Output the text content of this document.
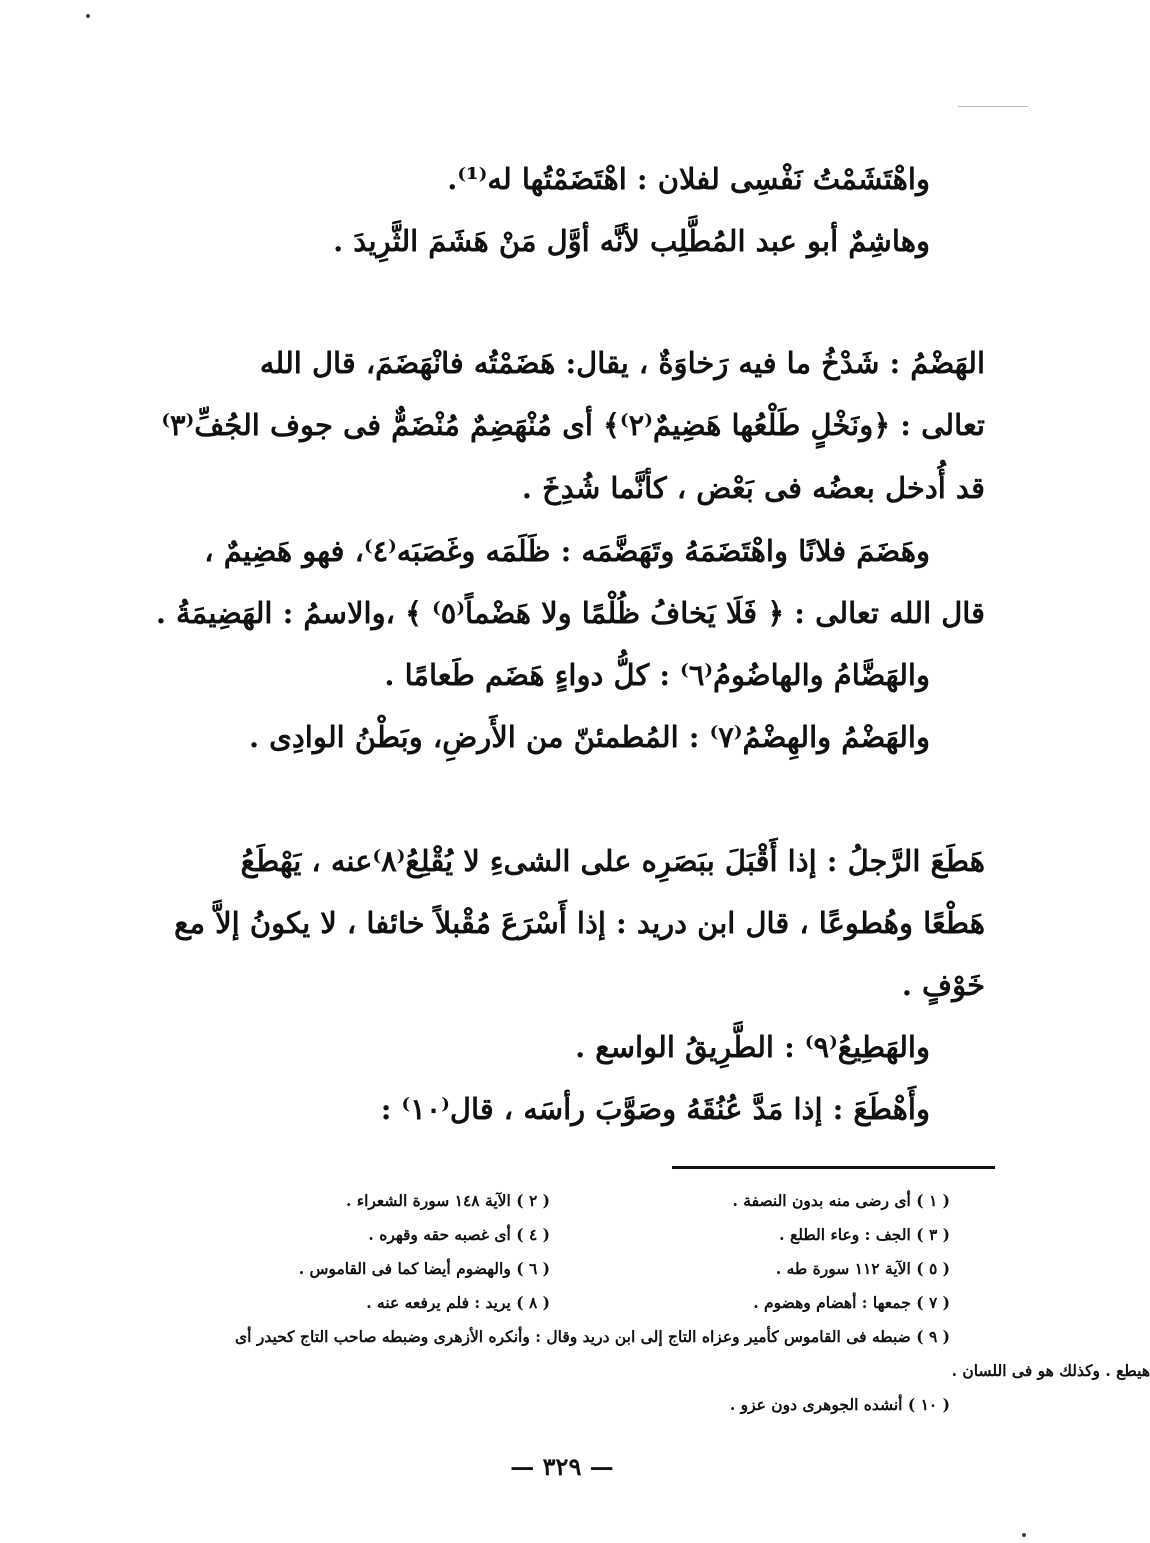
واهْتَشَمْتُ نَفْسِى لفلان : اهْتَضَمْتُها له⁽¹⁾.
وهاشِمٌ أبو عبد المُطَّلِب لأنَّه أوَّل مَنْ هَشَمَ الثَّرِيدَ .
الهَضْمُ : شَدْخُ ما فيه رَخاوَةٌ ، يقال: هَضَمْتُه فانْهَضَمَ، قال الله
تعالى : ﴿ونَخْلٍ طَلْعُها هَضِيمٌ⁽٢⁾﴾ أى مُنْهَضِمٌ مُنْضَمٌّ فى جوف الجُفِّ⁽٣⁾
قد أُدخل بعضُه فى بَعْض ، كأنَّما شُدِخَ .
وهَضَمَ فلانًا واهْتَضَمَهُ وتَهَضَّمَه : ظَلَمَه وغَصَبَه⁽٤⁾، فهو هَضِيمٌ ،
قال الله تعالى : ﴿ فَلَا يَخافُ ظُلْمًا ولا هَضْماً⁽٥⁾ ﴾ ،والاسمُ : الهَضِيمَةُ .
والهَضَّامُ والهاضُومُ⁽٦⁾ : كلُّ دواءٍ هَضَم طَعامًا .
والهَضْمُ والهِضْمُ⁽٧⁾ : المُطمئنّ من الأَرضِ، وبَطْنُ الوادِى .
هَطَعَ الرَّجلُ : إذا أَقْبَلَ ببَصَرِه على الشىءِ لا يُقْلِعُ⁽٨⁾عنه ، يَهْطَعُ
هَطْعًا وهُطوعًا ، قال ابن دريد : إذا أَسْرَعَ مُقْبلاً خائفا ، لا يكونُ إلاَّ مع
خَوْفٍ .
والهَطِيعُ⁽٩⁾ : الطَّرِيقُ الواسع .
وأَهْطَعَ : إذا مَدَّ عُنُقَهُ وصَوَّبَ رأسَه ، قال⁽١٠⁾ :
( ١ ) أى رضى منه بدون النصفة .
( ٢ ) الآية ١٤٨ سورة الشعراء .
( ٣ ) الجف : وعاء الطلع .
( ٤ ) أى غصبه حقه وقهره .
( ٥ ) الآية ١١٢ سورة طه .
( ٦ ) والهضوم أيضا كما فى القاموس .
( ٧ ) جمعها : أهضام وهضوم .
( ٨ ) يريد : فلم يرفعه عنه .
( ٩ ) ضبطه فى القاموس كأمير وعزاه التاج إلى ابن دريد وقال : وأنكره الأزهرى وضبطه صاحب التاج كحيدر أى
هيطع . وكذلك هو فى اللسان .
( ١٠ ) أنشده الجوهرى دون عزو .
— ٣٢٩ —
